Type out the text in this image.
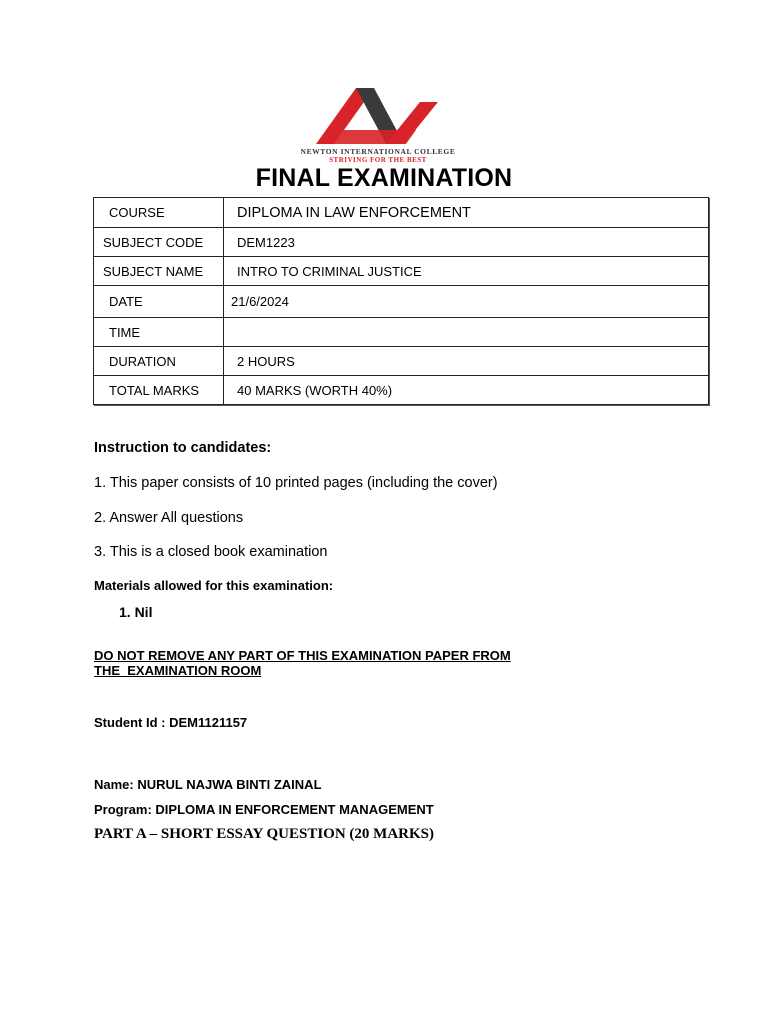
NEWTON INTERNATIONAL COLLEGE
STRIVING FOR THE BEST
FINAL EXAMINATION
COURSE	DIPLOMA IN LAW ENFORCEMENT
SUBJECT CODE	DEM1223
SUBJECT NAME	INTRO TO CRIMINAL JUSTICE
DATE	21/6/2024
TIME	
DURATION	2 HOURS
TOTAL MARKS	40 MARKS (WORTH 40%)
Instruction to candidates:
1. This paper consists of 10 printed pages (including the cover)
2. Answer All questions
3. This is a closed book examination
Materials allowed for this examination:
1. Nil
DO NOT REMOVE ANY PART OF THIS EXAMINATION PAPER FROM
THE  EXAMINATION ROOM
Student Id : DEM1121157
Name: NURUL NAJWA BINTI ZAINAL
Program: DIPLOMA IN ENFORCEMENT MANAGEMENT
PART A – SHORT ESSAY QUESTION (20 MARKS)
